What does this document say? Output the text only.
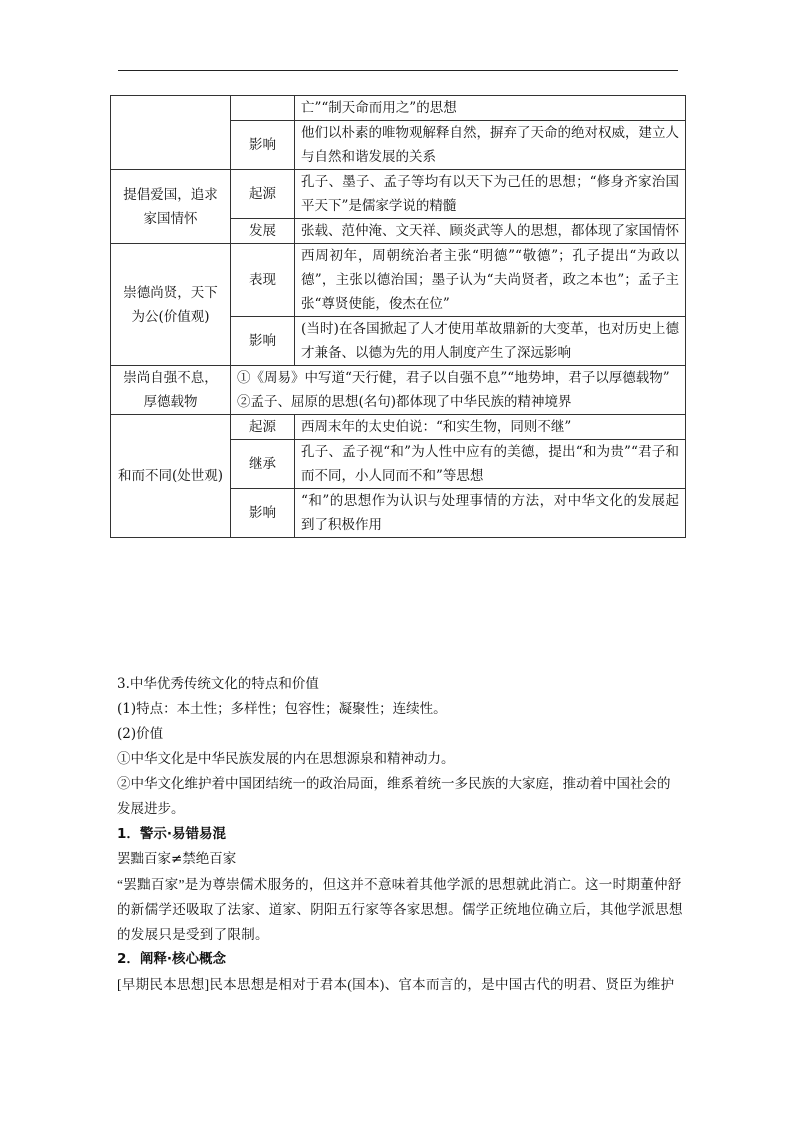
		亡”“制天命而用之”的思想
	影响	他们以朴素的唯物观解释自然，摒弃了天命的绝对权威，建立人与自然和谐发展的关系
提倡爱国，追求家国情怀	起源	孔子、墨子、孟子等均有以天下为己任的思想；“修身齐家治国平天下”是儒家学说的精髓
	发展	张载、范仲淹、文天祥、顾炎武等人的思想，都体现了家国情怀
崇德尚贤，天下为公(价值观)	表现	西周初年，周朝统治者主张“明德”“敬德”；孔子提出“为政以德”，主张以德治国；墨子认为“夫尚贤者，政之本也”；孟子主张“尊贤使能，俊杰在位”
	影响	(当时)在各国掀起了人才使用革故鼎新的大变革，也对历史上德才兼备、以德为先的用人制度产生了深远影响
崇尚自强不息，厚德载物	①《周易》中写道“天行健，君子以自强不息”“地势坤，君子以厚德载物”
②孟子、屈原的思想(名句)都体现了中华民族的精神境界	

和而不同(处世观)	起源	西周末年的太史伯说：“和实生物，同则不继”
	继承	孔子、孟子视“和”为人性中应有的美德，提出“和为贵”“君子和而不同，小人同而不和”等思想
	影响	“和”的思想作为认识与处理事情的方法，对中华文化的发展起到了积极作用

3.中华优秀传统文化的特点和价值

(1)特点：本土性；多样性；包容性；凝聚性；连续性。

(2)价值

①中华文化是中华民族发展的内在思想源泉和精神动力。

②中华文化维护着中国团结统一的政治局面，维系着统一多民族的大家庭，推动着中国社会的发展进步。

1．警示·易错易混

罢黜百家≠禁绝百家

“罢黜百家”是为尊崇儒术服务的，但这并不意味着其他学派的思想就此消亡。这一时期董仲舒的新儒学还吸取了法家、道家、阴阳五行家等各家思想。儒学正统地位确立后，其他学派思想的发展只是受到了限制。

2．阐释·核心概念

[早期民本思想]民本思想是相对于君本(国本)、官本而言的，是中国古代的明君、贤臣为维护
